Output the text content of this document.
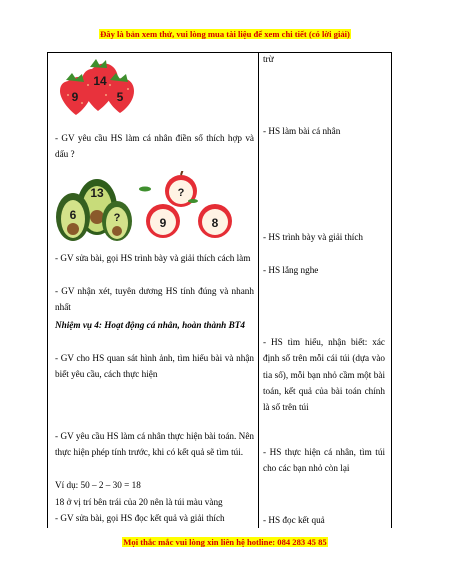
Đây là bản xem thử, vui lòng mua tài liệu để xem chi tiết (có lời giải)
14
9	5
- GV yêu cầu HS làm cá nhân điền số thích hợp và dấu ?
13
6	?
?
9	8
- GV sửa bài, gọi HS trình bày và giải thích cách làm
- GV nhận xét, tuyên dương HS tính đúng và nhanh nhất
Nhiệm vụ 4: Hoạt động cá nhân, hoàn thành BT4
- GV cho HS quan sát hình ảnh, tìm hiểu bài và nhận biết yêu cầu, cách thực hiện
- GV yêu cầu HS làm cá nhân thực hiện bài toán. Nên thực hiện phép tính trước, khi có kết quả sẽ tìm túi.
Ví dụ: 50 – 2 – 30 = 18
18 ở vị trí bên trái của 20 nên là túi màu vàng
- GV sửa bài, gọi HS đọc kết quả và giải thích
trừ
- HS làm bài cá nhân
- HS trình bày và giải thích
- HS lắng nghe
- HS tìm hiểu, nhận biết: xác định số trên mỗi cái túi (dựa vào tia số), mỗi bạn nhỏ cầm một bài toán, kết quả của bài toán chính là số trên túi
- HS thực hiện cá nhân, tìm túi cho các bạn nhỏ còn lại
- HS đọc kết quả
Mọi thắc mắc vui lòng xin liên hệ hotline: 084 283 45 85
